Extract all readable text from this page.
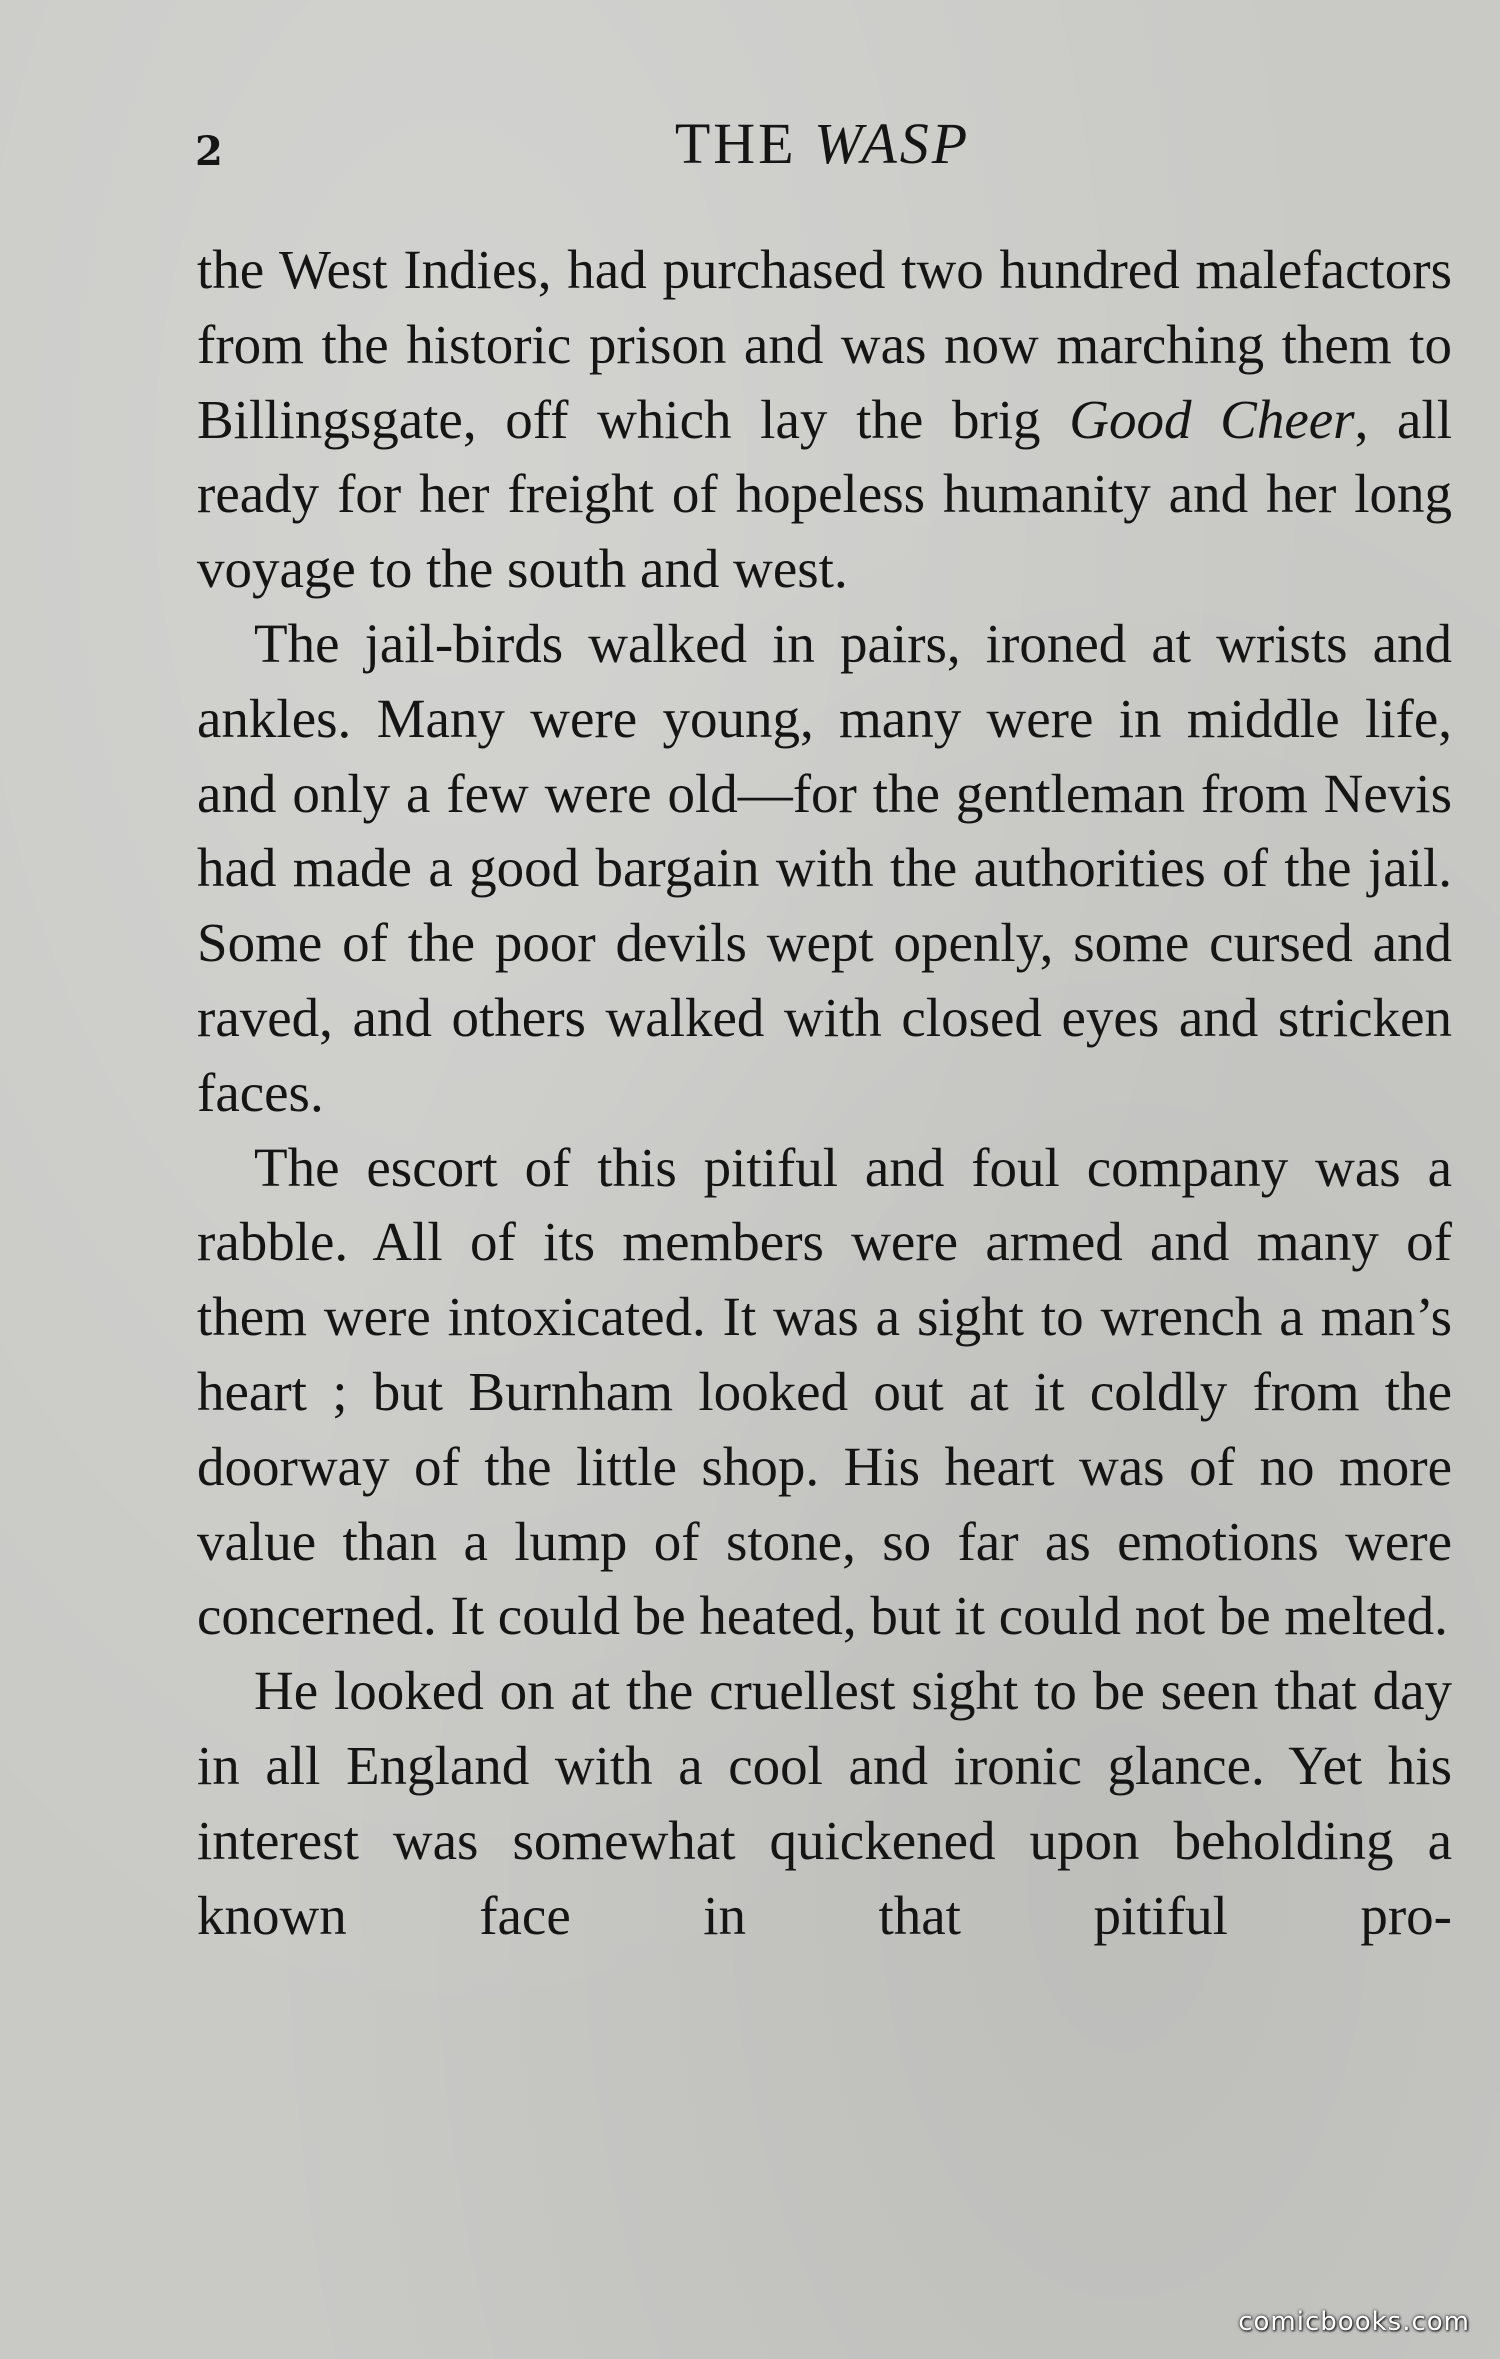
2	THE WASP

the West Indies, had purchased two hundred malefactors from the historic prison and was now marching them to Billingsgate, off which lay the brig Good Cheer, all ready for her freight of hopeless humanity and her long voyage to the south and west.

The jail-birds walked in pairs, ironed at wrists and ankles. Many were young, many were in middle life, and only a few were old—for the gentleman from Nevis had made a good bargain with the authorities of the jail. Some of the poor devils wept openly, some cursed and raved, and others walked with closed eyes and stricken faces.

The escort of this pitiful and foul company was a rabble. All of its members were armed and many of them were intoxicated. It was a sight to wrench a man’s heart ; but Burnham looked out at it coldly from the doorway of the little shop. His heart was of no more value than a lump of stone, so far as emotions were concerned. It could be heated, but it could not be melted.

He looked on at the cruellest sight to be seen that day in all England with a cool and ironic glance. Yet his interest was somewhat quickened upon beholding a known face in that pitiful pro-

comicbooks.com
